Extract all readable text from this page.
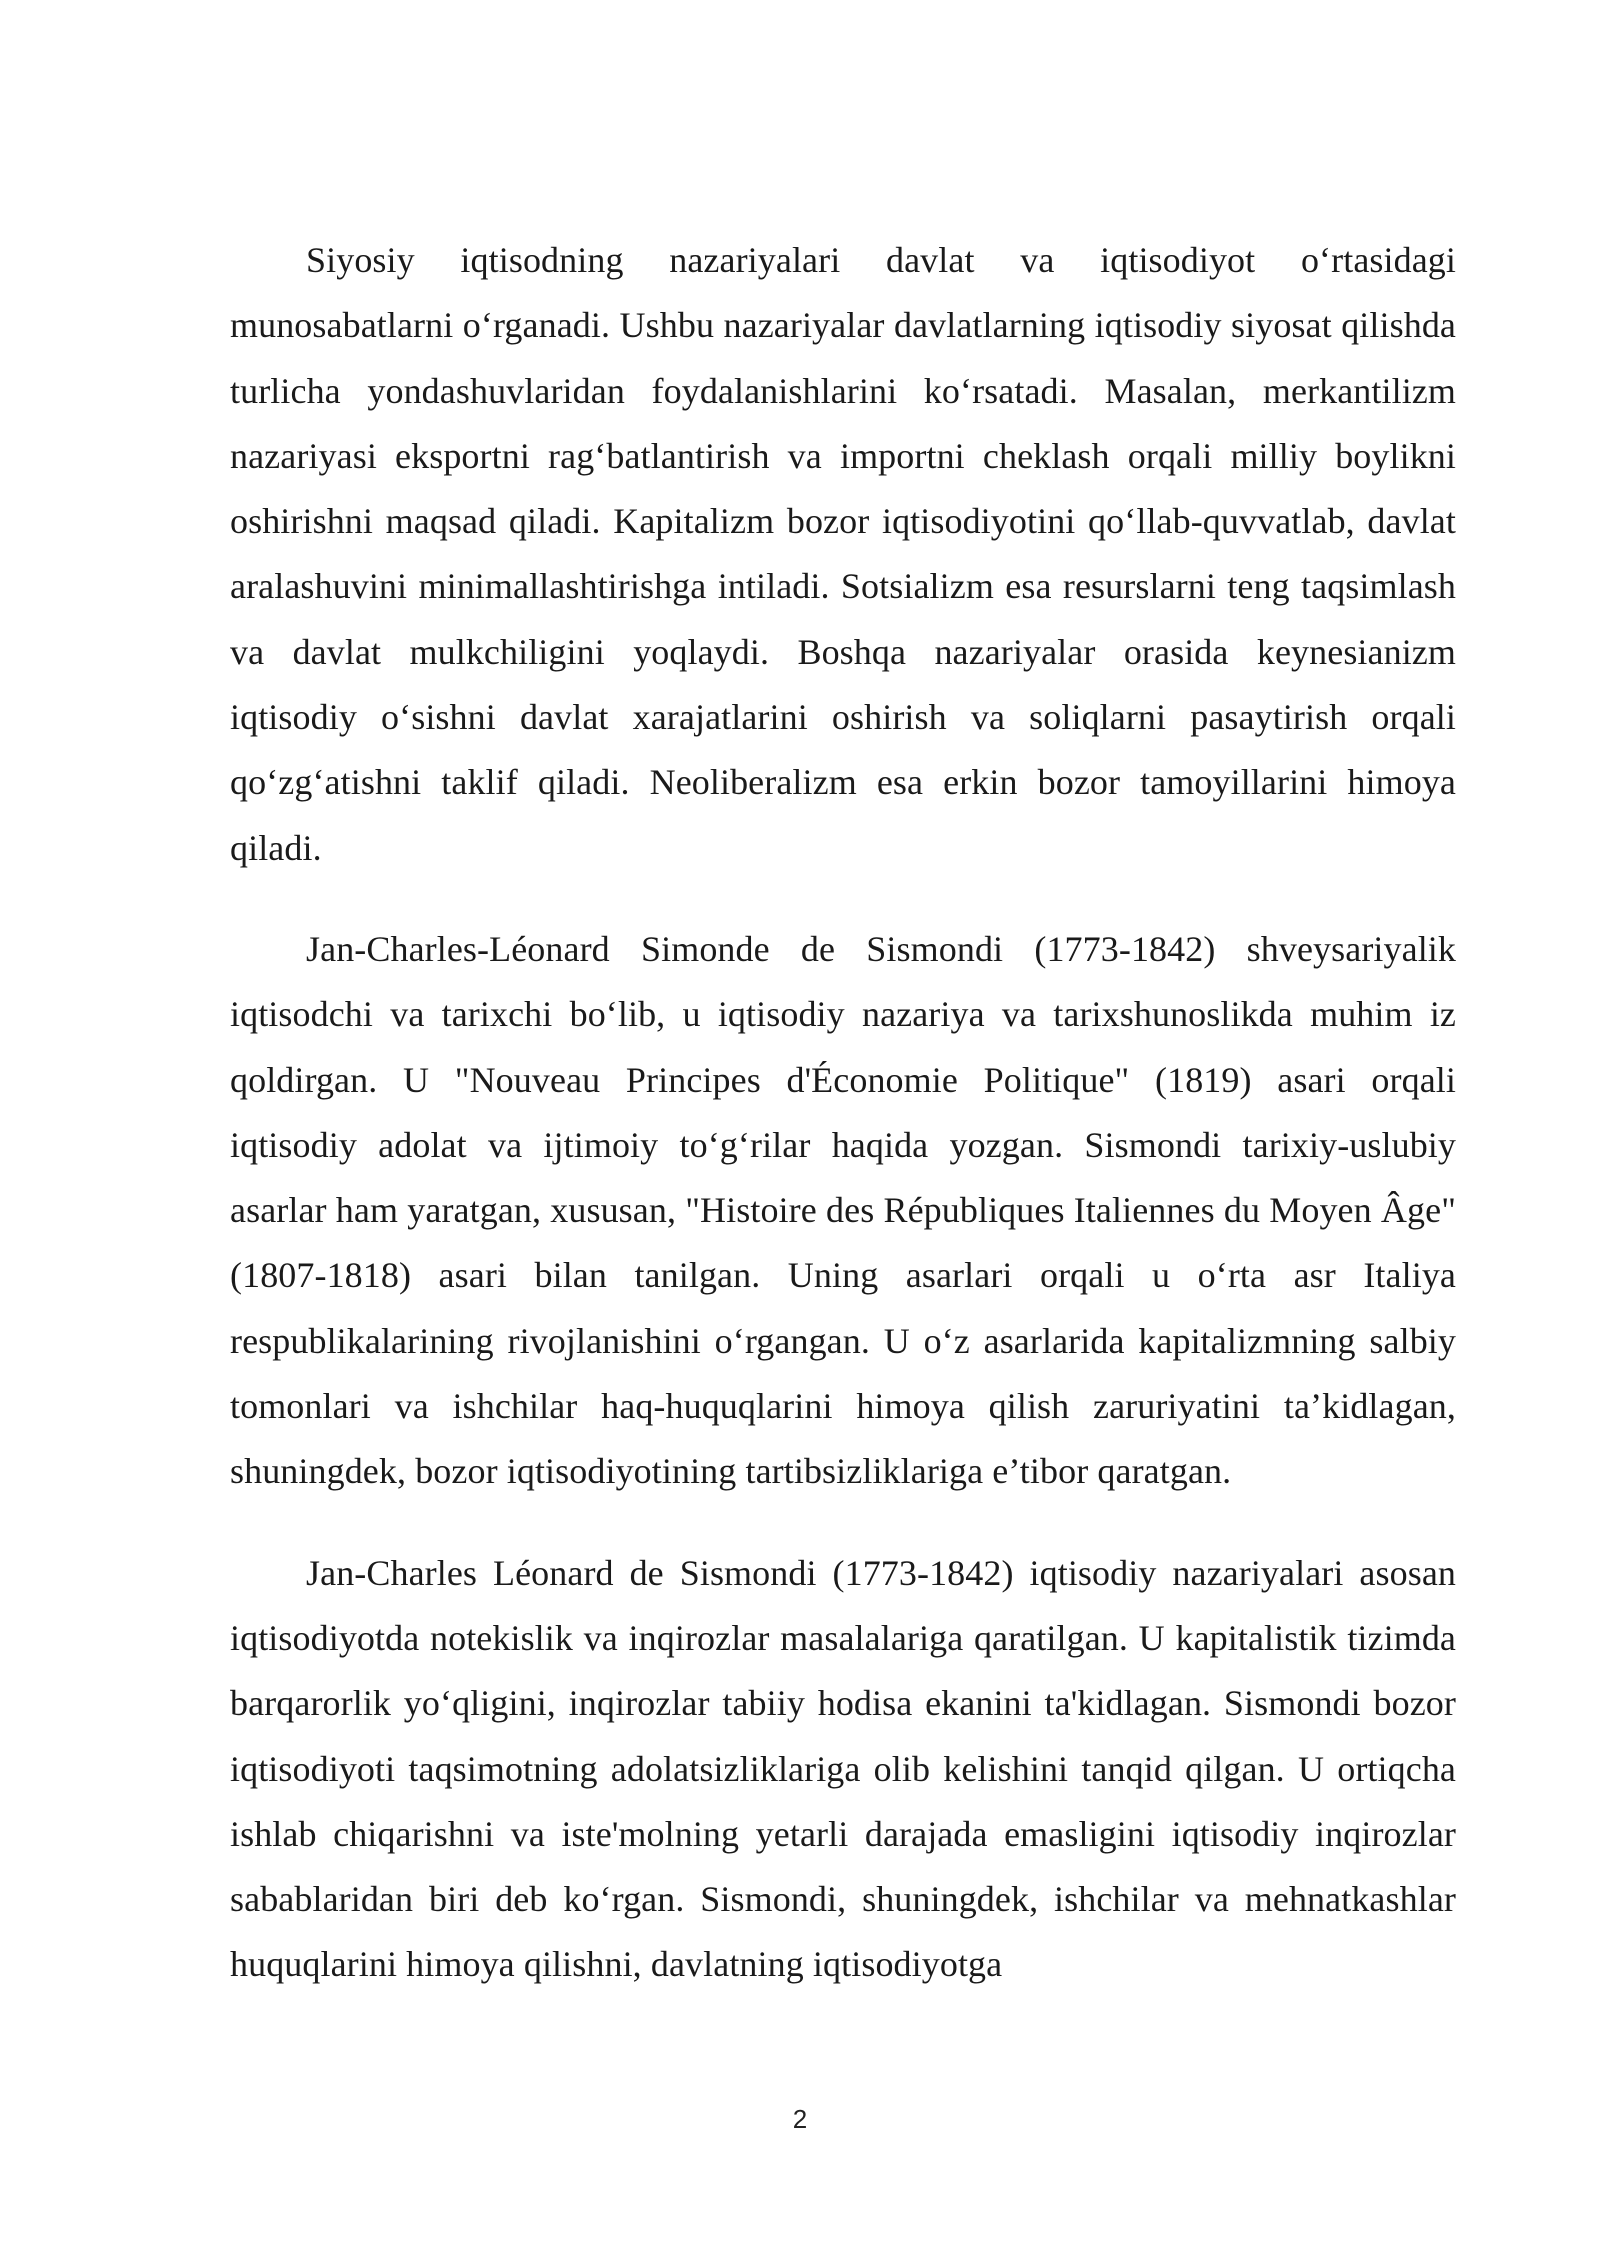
Siyosiy iqtisodning nazariyalari davlat va iqtisodiyot o‘rtasidagi munosabatlarni o‘rganadi. Ushbu nazariyalar davlatlarning iqtisodiy siyosat qilishda turlicha yondashuvlaridan foydalanishlarini ko‘rsatadi. Masalan, merkantilizm nazariyasi eksportni rag‘batlantirish va importni cheklash orqali milliy boylikni oshirishni maqsad qiladi. Kapitalizm bozor iqtisodiyotini qo‘llab-quvvatlab, davlat aralashuvini minimallashtirishga intiladi. Sotsializm esa resurslarni teng taqsimlash va davlat mulkchiligini yoqlaydi. Boshqa nazariyalar orasida keynesianizm iqtisodiy o‘sishni davlat xarajatlarini oshirish va soliqlarni pasaytirish orqali qo‘zg‘atishni taklif qiladi. Neoliberalizm esa erkin bozor tamoyillarini himoya qiladi.

Jan-Charles-Léonard Simonde de Sismondi (1773-1842) shveysariyalik iqtisodchi va tarixchi bo‘lib, u iqtisodiy nazariya va tarixshunoslikda muhim iz qoldirgan. U "Nouveau Principes d'Économie Politique" (1819) asari orqali iqtisodiy adolat va ijtimoiy to‘g‘rilar haqida yozgan. Sismondi tarixiy-uslubiy asarlar ham yaratgan, xususan, "Histoire des Républiques Italiennes du Moyen Âge" (1807-1818) asari bilan tanilgan. Uning asarlari orqali u o‘rta asr Italiya respublikalarining rivojlanishini o‘rgangan. U o‘z asarlarida kapitalizmning salbiy tomonlari va ishchilar haq-huquqlarini himoya qilish zaruriyatini ta’kidlagan, shuningdek, bozor iqtisodiyotining tartibsizliklariga e’tibor qaratgan.

Jan-Charles Léonard de Sismondi (1773-1842) iqtisodiy nazariyalari asosan iqtisodiyotda notekislik va inqirozlar masalalariga qaratilgan. U kapitalistik tizimda barqarorlik yo‘qligini, inqirozlar tabiiy hodisa ekanini ta'kidlagan. Sismondi bozor iqtisodiyoti taqsimotning adolatsizliklariga olib kelishini tanqid qilgan. U ortiqcha ishlab chiqarishni va iste'molning yetarli darajada emasligini iqtisodiy inqirozlar sabablaridan biri deb ko‘rgan. Sismondi, shuningdek, ishchilar va mehnatkashlar huquqlarini himoya qilishni, davlatning iqtisodiyotga

2
